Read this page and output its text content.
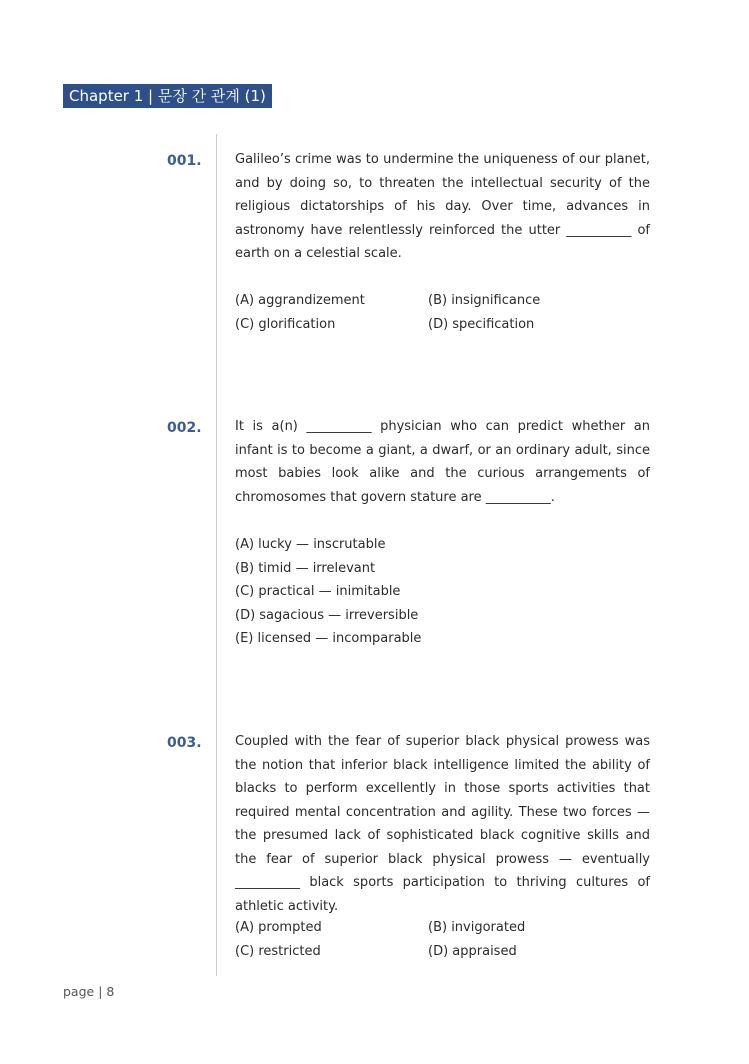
Chapter 1 | 문장 간 관계 (1)
001.	Galileo’s crime was to undermine the uniqueness of our planet, and by doing so, to threaten the intellectual security of the religious dictatorships of his day. Over time, advances in astronomy have relentlessly reinforced the utter __________ of earth on a celestial scale.
(A) aggrandizement	(B) insignificance
(C) glorification	(D) specification
002.	It is a(n) __________ physician who can predict whether an infant is to become a giant, a dwarf, or an ordinary adult, since most babies look alike and the curious arrangements of chromosomes that govern stature are __________.
(A) lucky — inscrutable
(B) timid — irrelevant
(C) practical — inimitable
(D) sagacious — irreversible
(E) licensed — incomparable
003.	Coupled with the fear of superior black physical prowess was the notion that inferior black intelligence limited the ability of blacks to perform excellently in those sports activities that required mental concentration and agility. These two forces — the presumed lack of sophisticated black cognitive skills and the fear of superior black physical prowess — eventually __________ black sports participation to thriving cultures of athletic activity.
(A) prompted	(B) invigorated
(C) restricted	(D) appraised
page | 8
